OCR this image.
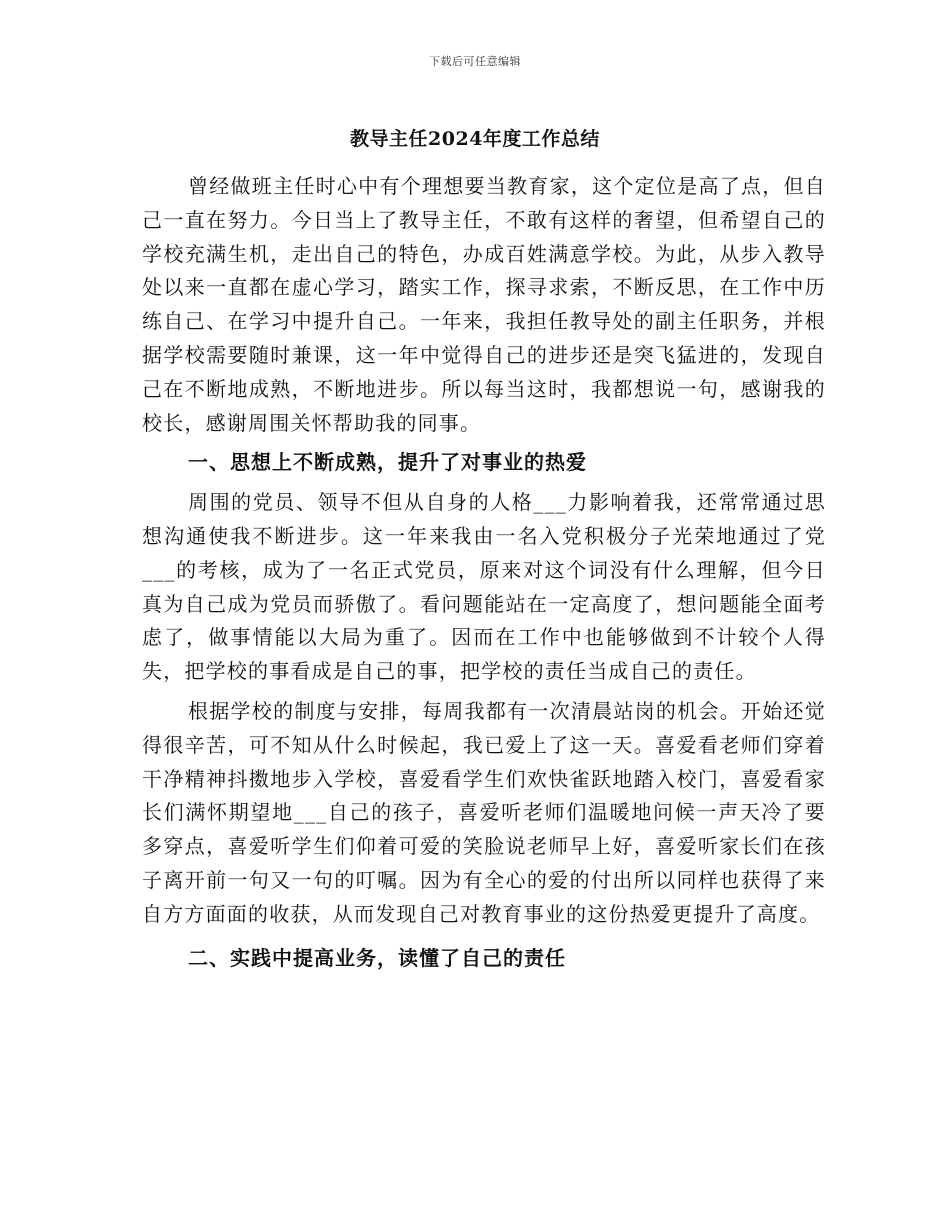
下载后可任意编辑
教导主任2024年度工作总结

曾经做班主任时心中有个理想要当教育家，这个定位是高了点，但自己一直在努力。今日当上了教导主任，不敢有这样的奢望，但希望自己的学校充满生机，走出自己的特色，办成百姓满意学校。为此，从步入教导处以来一直都在虚心学习，踏实工作，探寻求索，不断反思，在工作中历练自己、在学习中提升自己。一年来，我担任教导处的副主任职务，并根据学校需要随时兼课，这一年中觉得自己的进步还是突飞猛进的，发现自己在不断地成熟，不断地进步。所以每当这时，我都想说一句，感谢我的校长，感谢周围关怀帮助我的同事。

一、思想上不断成熟，提升了对事业的热爱

周围的党员、领导不但从自身的人格___力影响着我，还常常通过思想沟通使我不断进步。这一年来我由一名入党积极分子光荣地通过了党___的考核，成为了一名正式党员，原来对这个词没有什么理解，但今日真为自己成为党员而骄傲了。看问题能站在一定高度了，想问题能全面考虑了，做事情能以大局为重了。因而在工作中也能够做到不计较个人得失，把学校的事看成是自己的事，把学校的责任当成自己的责任。

根据学校的制度与安排，每周我都有一次清晨站岗的机会。开始还觉得很辛苦，可不知从什么时候起，我已爱上了这一天。喜爱看老师们穿着干净精神抖擞地步入学校，喜爱看学生们欢快雀跃地踏入校门，喜爱看家长们满怀期望地___自己的孩子，喜爱听老师们温暖地问候一声天冷了要多穿点，喜爱听学生们仰着可爱的笑脸说老师早上好，喜爱听家长们在孩子离开前一句又一句的叮嘱。因为有全心的爱的付出所以同样也获得了来自方方面面的收获，从而发现自己对教育事业的这份热爱更提升了高度。

二、实践中提高业务，读懂了自己的责任
